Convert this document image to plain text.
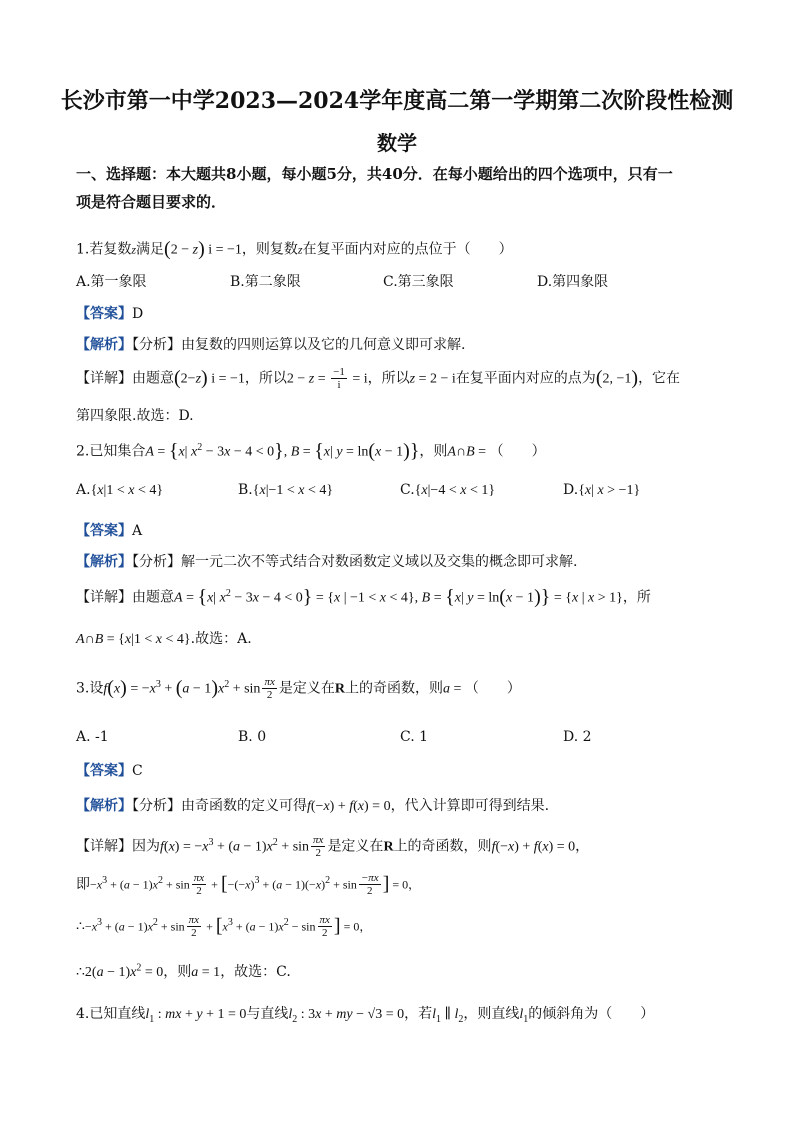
长沙市第一中学2023—2024学年度高二第一学期第二次阶段性检测
数学
一、选择题：本大题共8小题，每小题5分，共40分．在每小题给出的四个选项中，只有一
项是符合题目要求的．
1.若复数z满足(2 − z) i = −1，则复数z在复平面内对应的点位于（　　）
A.第一象限	B.第二象限	C.第三象限	D.第四象限
【答案】D
【解析】【分析】由复数的四则运算以及它的几何意义即可求解.
【详解】由题意(2−z) i = −1，所以$2 - z = \frac{-1}{i} = i$，所以z = 2 − i在复平面内对应的点为(2, −1)，它在
第四象限.故选：D.
2.已知集合A = {x| $x^2 - 3x - 4 < 0$}, B = {x| y = ln(x − 1)}，则A∩B = （　　）
A.{x|1 < x < 4}	B.{x|−1 < x < 4}	C.{x|−4 < x < 1}	D.{x| x > −1}
【答案】A
【解析】【分析】解一元二次不等式结合对数函数定义域以及交集的概念即可求解.
【详解】由题意A = {x| $x^2 - 3x - 4 < 0\} = \{x$ | −1 < x < 4}, B = {x| y = ln(x − 1)} = {x | x > 1}，所
A∩B = {x|1 < x < 4}.故选：A.
3.设$f(x) = -x^3 + (a - 1)x^2 + \sin \frac{\pi x}{2}$ 是定义在R上的奇函数，则a = （　　）
A. -1	B. 0	C. 1	D. 2
【答案】C
【解析】【分析】由奇函数的定义可得f(−x) + f(x) = 0，代入计算即可得到结果.
【详解】因为$f(x) = -x^3 + (a - 1)x^2 + \sin \frac{\pi x}{2}$ 是定义在R上的奇函数，则f(−x) + f(x) = 0，
即$-x^3 + (a - 1)x^2 + \sin \frac{\pi x}{2} + [-(-x)^3 + (a - 1)(-x)^2 + \sin \frac{-\pi x}{2}$ ] = 0，
$\therefore-x^3 + (a - 1)x^2 + \sin \frac{\pi x}{2} + [x^3 + (a - 1)x^2 - \sin \frac{\pi x}{2}$ ] = 0，
∴2(a − $1)x^2 = 0$，则a = 1，故选：C.
4.已知直线$l_1$ : mx + y + 1 = 0与直线$l_2$ : 3x + my − √3 = 0，若$l_1$ ∥ $l_2$，则直线$l_1$的倾斜角为（　　）
